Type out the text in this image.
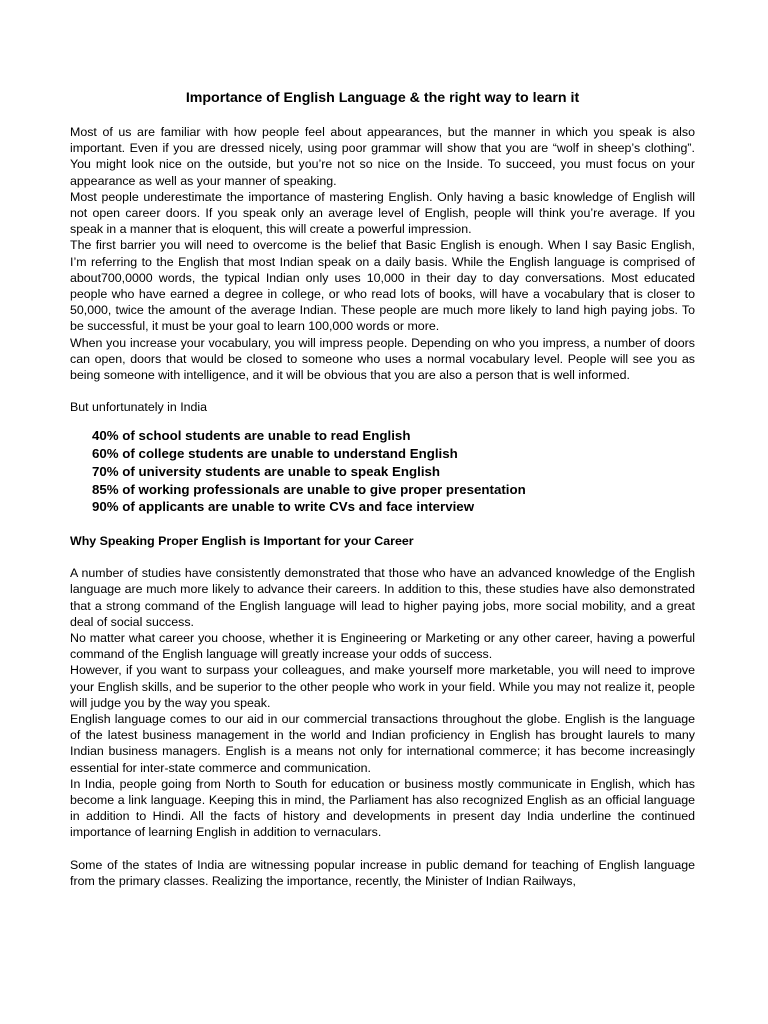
Importance of English Language & the right way to learn it

Most of us are familiar with how people feel about appearances, but the manner in which you speak is also important. Even if you are dressed nicely, using poor grammar will show that you are “wolf in sheep’s clothing”. You might look nice on the outside, but you’re not so nice on the Inside. To succeed, you must focus on your appearance as well as your manner of speaking.

Most people underestimate the importance of mastering English. Only having a basic knowledge of English will not open career doors. If you speak only an average level of English, people will think you’re average. If you speak in a manner that is eloquent, this will create a powerful impression.

The first barrier you will need to overcome is the belief that Basic English is enough. When I say Basic English, I’m referring to the English that most Indian speak on a daily basis. While the English language is comprised of about700,0000 words, the typical Indian only uses 10,000 in their day to day conversations. Most educated people who have earned a degree in college, or who read lots of books, will have a vocabulary that is closer to 50,000, twice the amount of the average Indian. These people are much more likely to land high paying jobs. To be successful, it must be your goal to learn 100,000 words or more.

When you increase your vocabulary, you will impress people. Depending on who you impress, a number of doors can open, doors that would be closed to someone who uses a normal vocabulary level. People will see you as being someone with intelligence, and it will be obvious that you are also a person that is well informed.

But unfortunately in India

40% of school students are unable to read English
60% of college students are unable to understand English
70% of university students are unable to speak English
85% of working professionals are unable to give proper presentation
90% of applicants are unable to write CVs and face interview

Why Speaking Proper English is Important for your Career

A number of studies have consistently demonstrated that those who have an advanced knowledge of the English language are much more likely to advance their careers. In addition to this, these studies have also demonstrated that a strong command of the English language will lead to higher paying jobs, more social mobility, and a great deal of social success.

No matter what career you choose, whether it is Engineering or Marketing or any other career, having a powerful command of the English language will greatly increase your odds of success.

However, if you want to surpass your colleagues, and make yourself more marketable, you will need to improve your English skills, and be superior to the other people who work in your field. While you may not realize it, people will judge you by the way you speak.

English language comes to our aid in our commercial transactions throughout the globe. English is the language of the latest business management in the world and Indian proficiency in English has brought laurels to many Indian business managers. English is a means not only for international commerce; it has become increasingly essential for inter-state commerce and communication.

In India, people going from North to South for education or business mostly communicate in English, which has become a link language. Keeping this in mind, the Parliament has also recognized English as an official language in addition to Hindi. All the facts of history and developments in present day India underline the continued importance of learning English in addition to vernaculars.

Some of the states of India are witnessing popular increase in public demand for teaching of English language from the primary classes. Realizing the importance, recently, the Minister of Indian Railways,
